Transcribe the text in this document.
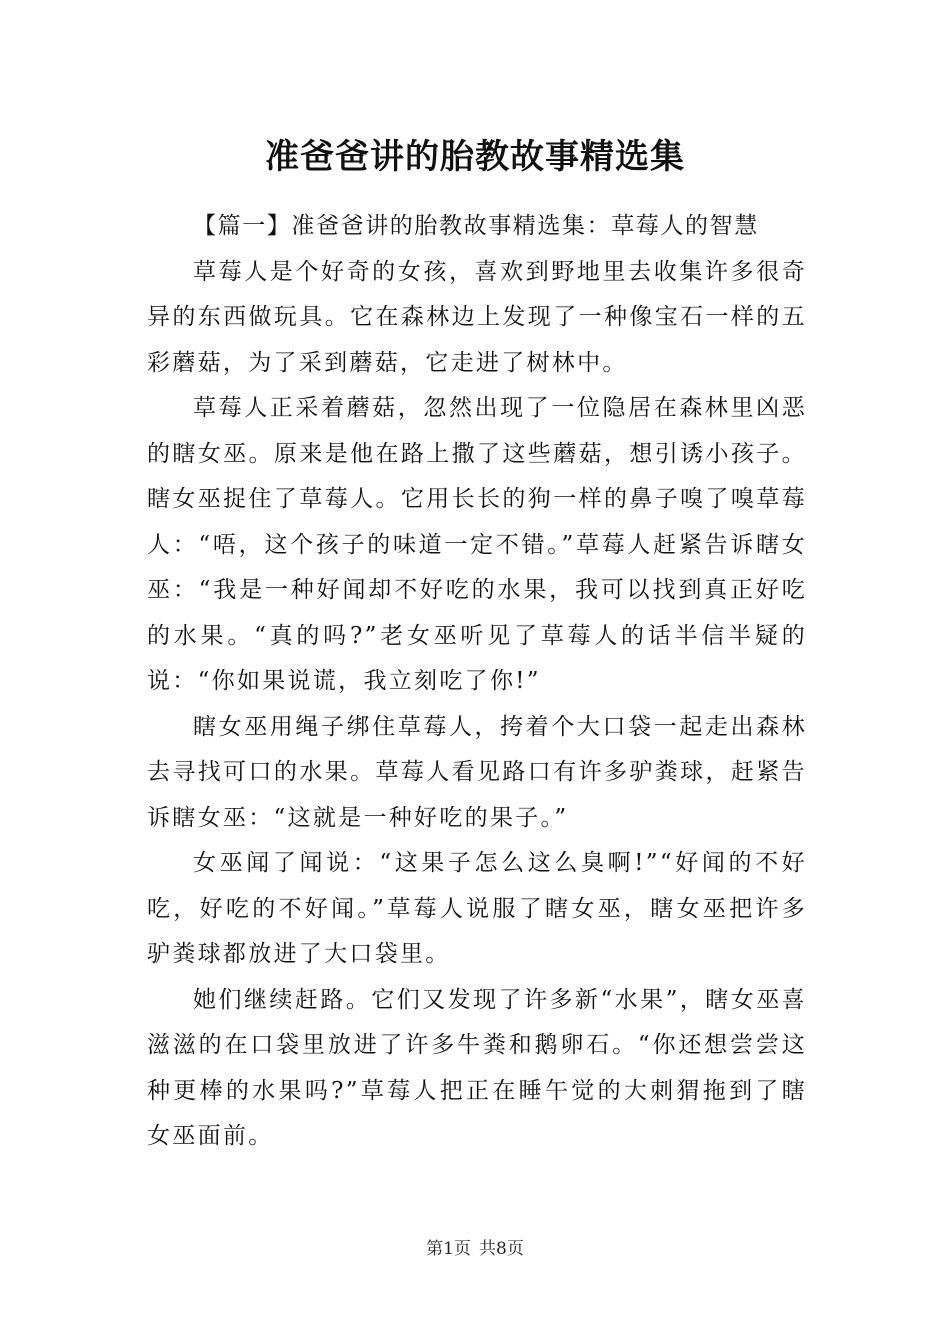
准爸爸讲的胎教故事精选集

【篇一】准爸爸讲的胎教故事精选集：草莓人的智慧

草莓人是个好奇的女孩，喜欢到野地里去收集许多很奇异的东西做玩具。它在森林边上发现了一种像宝石一样的五彩蘑菇，为了采到蘑菇，它走进了树林中。

草莓人正采着蘑菇，忽然出现了一位隐居在森林里凶恶的瞎女巫。原来是他在路上撒了这些蘑菇，想引诱小孩子。瞎女巫捉住了草莓人。它用长长的狗一样的鼻子嗅了嗅草莓人：“唔，这个孩子的味道一定不错。”草莓人赶紧告诉瞎女巫：“我是一种好闻却不好吃的水果，我可以找到真正好吃的水果。“真的吗?”老女巫听见了草莓人的话半信半疑的说：“你如果说谎，我立刻吃了你!”

瞎女巫用绳子绑住草莓人，挎着个大口袋一起走出森林去寻找可口的水果。草莓人看见路口有许多驴粪球，赶紧告诉瞎女巫：“这就是一种好吃的果子。”

女巫闻了闻说：“这果子怎么这么臭啊!”“好闻的不好吃，好吃的不好闻。”草莓人说服了瞎女巫，瞎女巫把许多驴粪球都放进了大口袋里。

她们继续赶路。它们又发现了许多新“水果”，瞎女巫喜滋滋的在口袋里放进了许多牛粪和鹅卵石。“你还想尝尝这种更棒的水果吗?”草莓人把正在睡午觉的大刺猬拖到了瞎女巫面前。

第1页 共8页
